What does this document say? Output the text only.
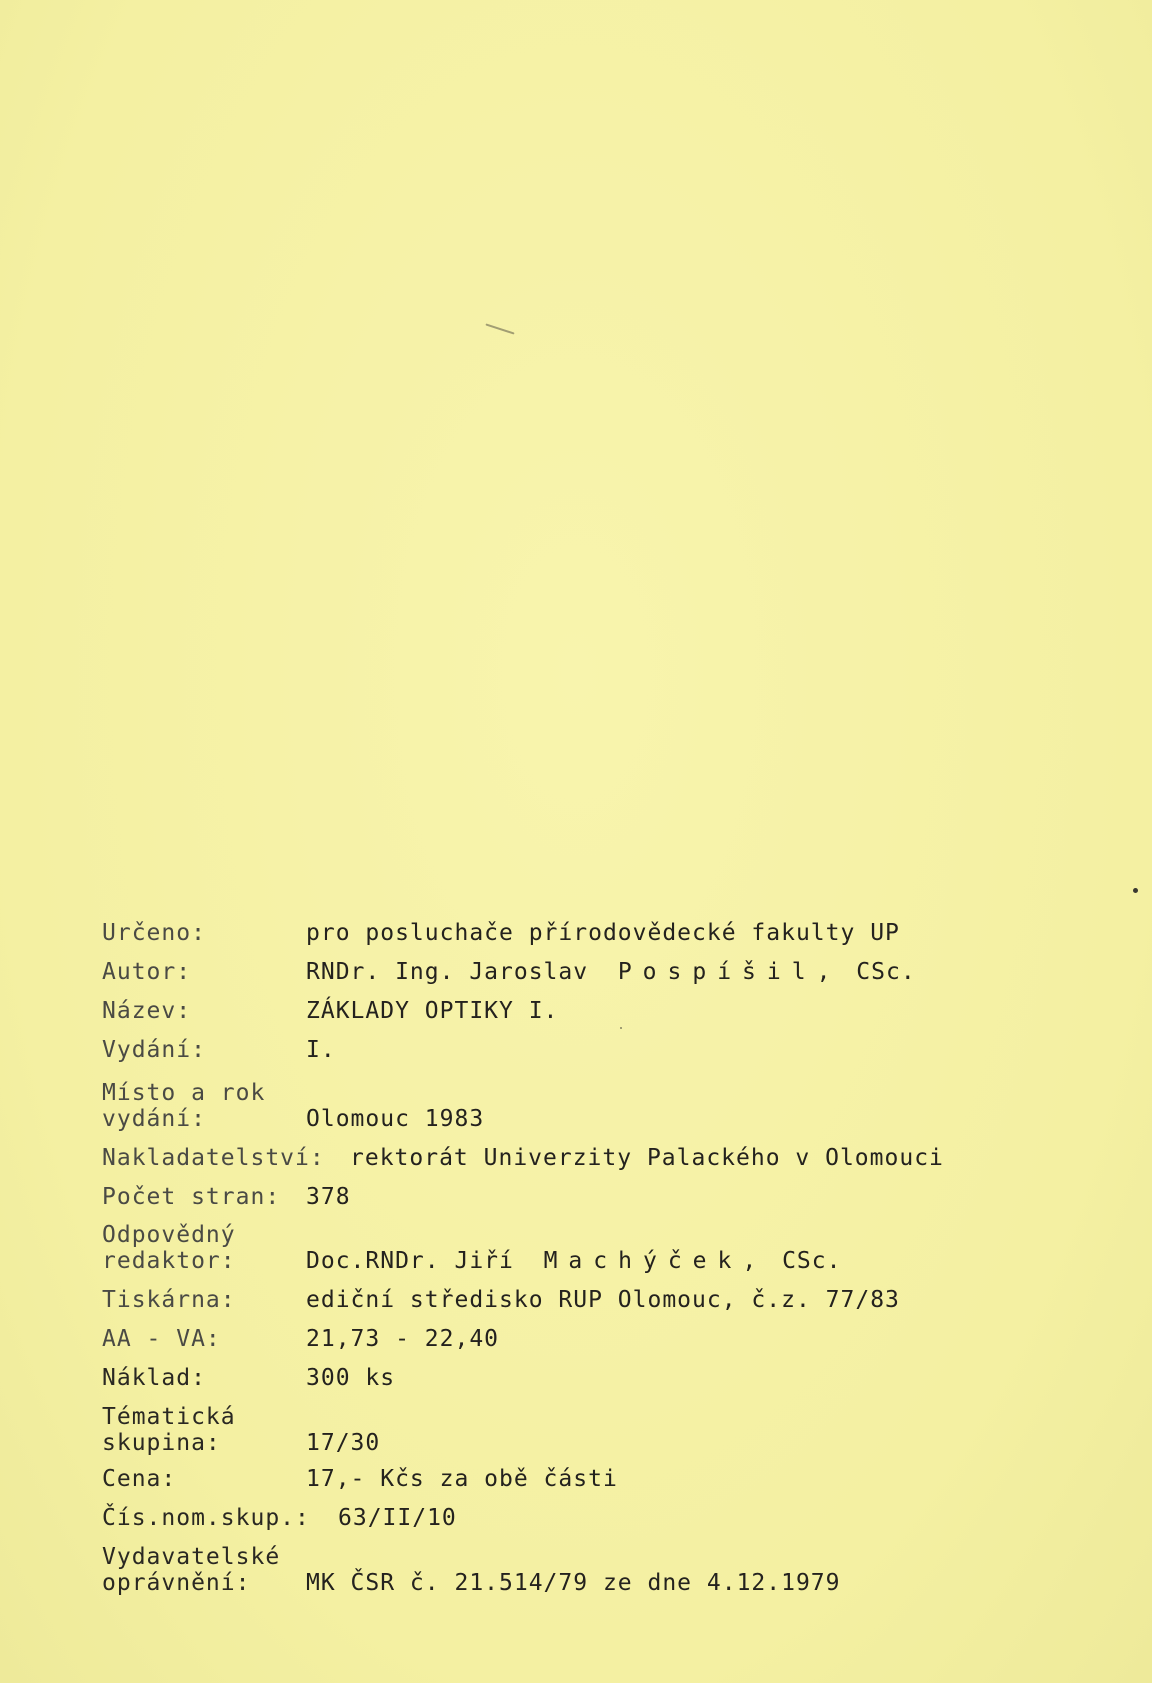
Určeno:	pro posluchače přírodovědecké fakulty UP
Autor:	RNDr. Ing. Jaroslav Pospíšil, CSc.
Název:	ZÁKLADY OPTIKY I.
Vydání:	I.
Místo a rok
vydání:	Olomouc 1983
Nakladatelství: rektorát Univerzity Palackého v Olomouci
Počet stran: 378
Odpovědný
redaktor:	Doc.RNDr. Jiří Machýček, CSc.
Tiskárna:	ediční středisko RUP Olomouc, č.z. 77/83
AA - VA:	21,73 - 22,40
Náklad:	300 ks
Tématická
skupina:	17/30
Cena:	17,- Kčs za obě části
Čís.nom.skup.: 63/II/10
Vydavatelské
oprávnění: MK ČSR č. 21.514/79 ze dne 4.12.1979
